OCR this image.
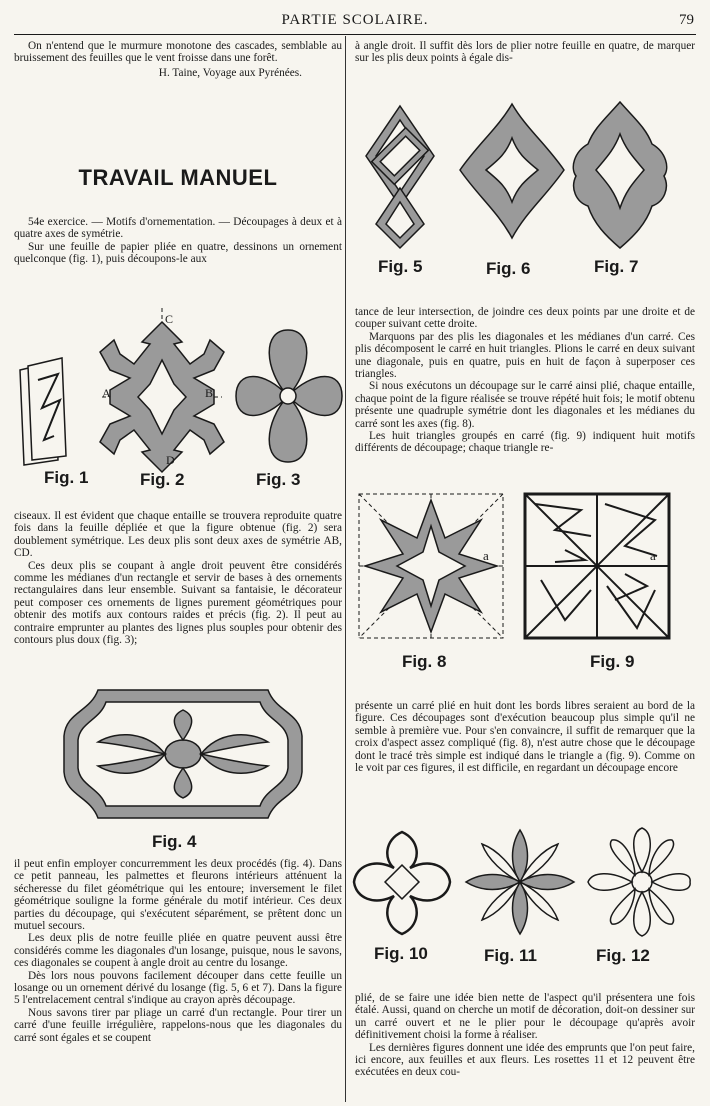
PARTIE SCOLAIRE.	79

On n'entend que le murmure monotone des cascades, semblable au bruissement des feuilles que le vent froisse dans une forêt.

H. Taine, Voyage aux Pyrénées.

TRAVAIL MANUEL

54e exercice. — Motifs d'ornementation. — Découpages à deux et à quatre axes de symétrie.

Sur une feuille de papier pliée en quatre, dessinons un ornement quelconque (fig. 1), puis découpons-le aux

Fig. 1	Fig. 2	Fig. 3
A	B
C
D

ciseaux. Il est évident que chaque entaille se trouvera reproduite quatre fois dans la feuille dépliée et que la figure obtenue (fig. 2) sera doublement symétrique. Les deux plis sont deux axes de symétrie AB, CD.

Ces deux plis se coupant à angle droit peuvent être considérés comme les médianes d'un rectangle et servir de bases à des ornements rectangulaires dans leur ensemble. Suivant sa fantaisie, le décorateur peut composer ces ornements de lignes purement géométriques pour obtenir des motifs aux contours raides et précis (fig. 2). Il peut au contraire emprunter au plantes des lignes plus souples pour obtenir des contours plus doux (fig. 3);

Fig. 4

il peut enfin employer concurremment les deux procédés (fig. 4). Dans ce petit panneau, les palmettes et fleurons intérieurs atténuent la sécheresse du filet géométrique qui les entoure; inversement le filet géométrique souligne la forme générale du motif intérieur. Ces deux parties du découpage, qui s'exécutent séparément, se prêtent donc un mutuel secours.

Les deux plis de notre feuille pliée en quatre peuvent aussi être considérés comme les diagonales d'un losange, puisque, nous le savons, ces diagonales se coupent à angle droit au centre du losange.

Dès lors nous pouvons facilement découper dans cette feuille un losange ou un ornement dérivé du losange (fig. 5, 6 et 7). Dans la figure 5 l'entrelacement central s'indique au crayon après découpage.

Nous savons tirer par pliage un carré d'un rectangle. Pour tirer un carré d'une feuille irrégulière, rappelons-nous que les diagonales du carré sont égales et se coupent

à angle droit. Il suffit dès lors de plier notre feuille en quatre, de marquer sur les plis deux points à égale dis-

Fig. 5	Fig. 6	Fig. 7

tance de leur intersection, de joindre ces deux points par une droite et de couper suivant cette droite.

Marquons par des plis les diagonales et les médianes d'un carré. Ces plis décomposent le carré en huit triangles. Plions le carré en deux suivant une diagonale, puis en quatre, puis en huit de façon à superposer ces triangles.

Si nous exécutons un découpage sur le carré ainsi plié, chaque entaille, chaque point de la figure réalisée se trouve répété huit fois; le motif obtenu présente une quadruple symétrie dont les diagonales et les médianes du carré sont les axes (fig. 8).

Les huit triangles groupés en carré (fig. 9) indiquent huit motifs différents de découpage; chaque triangle re-

a	a
Fig. 8	Fig. 9

présente un carré plié en huit dont les bords libres seraient au bord de la figure. Ces découpages sont d'exécution beaucoup plus simple qu'il ne semble à première vue. Pour s'en convaincre, il suffit de remarquer que la croix d'aspect assez compliqué (fig. 8), n'est autre chose que le découpage dont le tracé très simple est indiqué dans le triangle a (fig. 9). Comme on le voit par ces figures, il est difficile, en regardant un découpage encore

Fig. 10	Fig. 11	Fig. 12

plié, de se faire une idée bien nette de l'aspect qu'il présentera une fois étalé. Aussi, quand on cherche un motif de décoration, doit-on dessiner sur un carré ouvert et ne le plier pour le découpage qu'après avoir définitivement choisi la forme à réaliser.

Les dernières figures donnent une idée des emprunts que l'on peut faire, ici encore, aux feuilles et aux fleurs. Les rosettes 11 et 12 peuvent être exécutées en deux cou-
